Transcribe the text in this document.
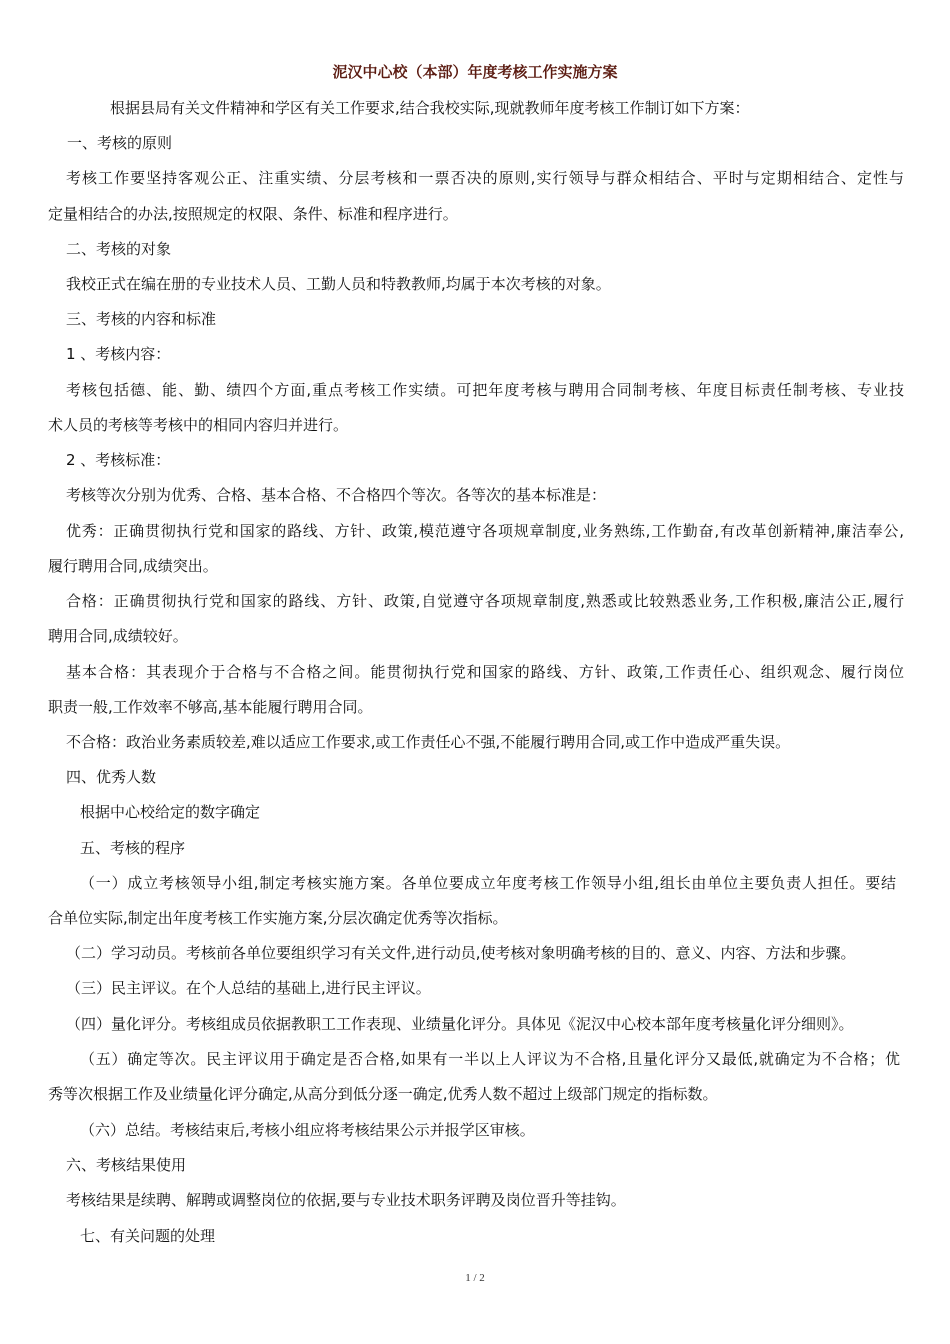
泥汉中心校（本部）年度考核工作实施方案
根据县局有关文件精神和学区有关工作要求,结合我校实际,现就教师年度考核工作制订如下方案：
一、考核的原则
考核工作要坚持客观公正、注重实绩、分层考核和一票否决的原则,实行领导与群众相结合、平时与定期相结合、定性与
定量相结合的办法,按照规定的权限、条件、标准和程序进行。
二、考核的对象
我校正式在编在册的专业技术人员、工勤人员和特教教师,均属于本次考核的对象。
三、考核的内容和标准
1 、考核内容：
考核包括德、能、勤、绩四个方面,重点考核工作实绩。可把年度考核与聘用合同制考核、年度目标责任制考核、专业技
术人员的考核等考核中的相同内容归并进行。
2 、考核标准：
考核等次分别为优秀、合格、基本合格、不合格四个等次。各等次的基本标准是：
优秀：正确贯彻执行党和国家的路线、方针、政策,模范遵守各项规章制度,业务熟练,工作勤奋,有改革创新精神,廉洁奉公,
履行聘用合同,成绩突出。
合格：正确贯彻执行党和国家的路线、方针、政策,自觉遵守各项规章制度,熟悉或比较熟悉业务,工作积极,廉洁公正,履行
聘用合同,成绩较好。
基本合格：其表现介于合格与不合格之间。能贯彻执行党和国家的路线、方针、政策,工作责任心、组织观念、履行岗位
职责一般,工作效率不够高,基本能履行聘用合同。
不合格：政治业务素质较差,难以适应工作要求,或工作责任心不强,不能履行聘用合同,或工作中造成严重失误。
四、优秀人数
根据中心校给定的数字确定
五、考核的程序
（一）成立考核领导小组,制定考核实施方案。各单位要成立年度考核工作领导小组,组长由单位主要负责人担任。要结
合单位实际,制定出年度考核工作实施方案,分层次确定优秀等次指标。
（二）学习动员。考核前各单位要组织学习有关文件,进行动员,使考核对象明确考核的目的、意义、内容、方法和步骤。
（三）民主评议。在个人总结的基础上,进行民主评议。
（四）量化评分。考核组成员依据教职工工作表现、业绩量化评分。具体见《泥汉中心校本部年度考核量化评分细则》。
（五）确定等次。民主评议用于确定是否合格,如果有一半以上人评议为不合格,且量化评分又最低,就确定为不合格；优
秀等次根据工作及业绩量化评分确定,从高分到低分逐一确定,优秀人数不超过上级部门规定的指标数。
（六）总结。考核结束后,考核小组应将考核结果公示并报学区审核。
六、考核结果使用
考核结果是续聘、解聘或调整岗位的依据,要与专业技术职务评聘及岗位晋升等挂钩。
七、有关问题的处理
1 / 2
